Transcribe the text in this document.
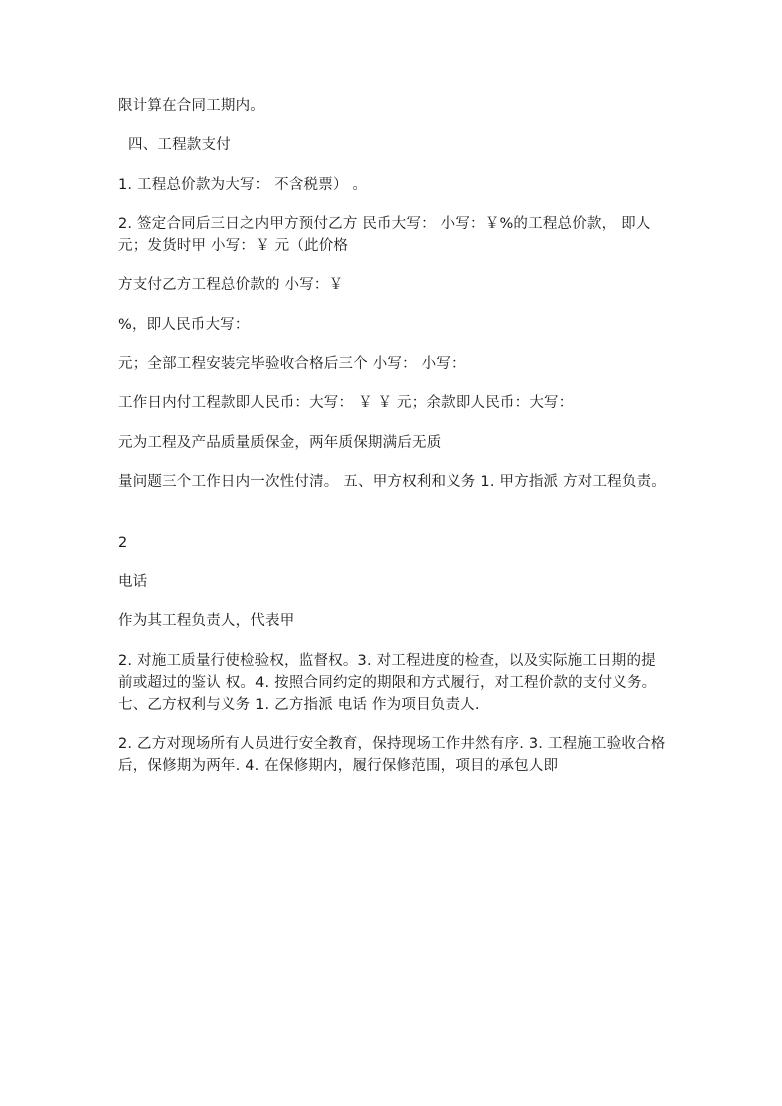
限计算在合同工期内。
四、工程款支付
1. 工程总价款为大写： 不含税票） 。
2. 签定合同后三日之内甲方预付乙方 民币大写： 小写：￥%的工程总价款， 即人 元；发货时甲 小写：￥ 元（此价格
方支付乙方工程总价款的 小写：￥
%，即人民币大写：
元；全部工程安装完毕验收合格后三个 小写： 小写：
工作日内付工程款即人民币：大写： ￥ ￥ 元；余款即人民币：大写：
元为工程及产品质量质保金，两年质保期满后无质
量问题三个工作日内一次性付清。 五、甲方权利和义务 1. 甲方指派 方对工程负责。
2
电话
作为其工程负责人，代表甲
2. 对施工质量行使检验权，监督权。3. 对工程进度的检查，以及实际施工日期的提前或超过的鉴认 权。4. 按照合同约定的期限和方式履行，对工程价款的支付义务。 七、乙方权利与义务 1. 乙方指派 电话 作为项目负责人.
2. 乙方对现场所有人员进行安全教育，保持现场工作井然有序. 3. 工程施工验收合格后，保修期为两年. 4. 在保修期内，履行保修范围，项目的承包人即
